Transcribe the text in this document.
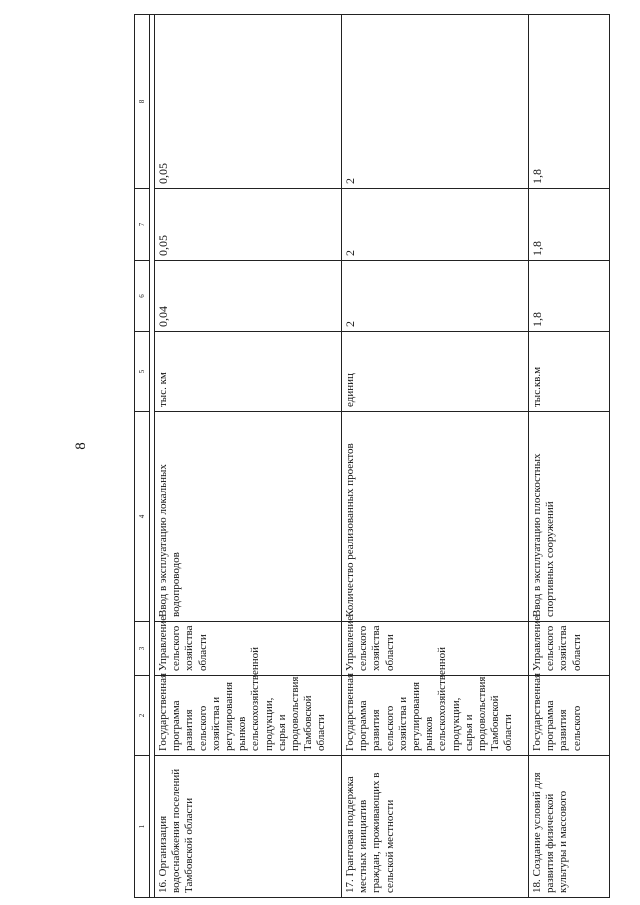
8
1	2	3	4	5	6	7	8

16. Организация водоснабжения поселений Тамбовской области	Государственная программа развития сельского хозяйства и регулирования рынков сельскохозяйственной продукции, сырья и продовольствия Тамбовской области	Управление сельского хозяйства области	Ввод в эксплуатацию локальных водопроводов	тыс. км	0,04	0,05	0,05
17. Грантовая поддержка местных инициатив граждан, проживающих в сельской местности	Государственная программа развития сельского хозяйства и регулирования рынков сельскохозяйственной продукции, сырья и продовольствия Тамбовской области	Управление сельского хозяйства области	Количество реализованных проектов	единиц	2	2	2
18. Создание условий для развития физической культуры и массового	Государственная программа развития сельского	Управление сельского хозяйства области	Ввод в эксплуатацию плоскостных спортивных сооружений	тыс.кв.м	1,8	1,8	1,8
